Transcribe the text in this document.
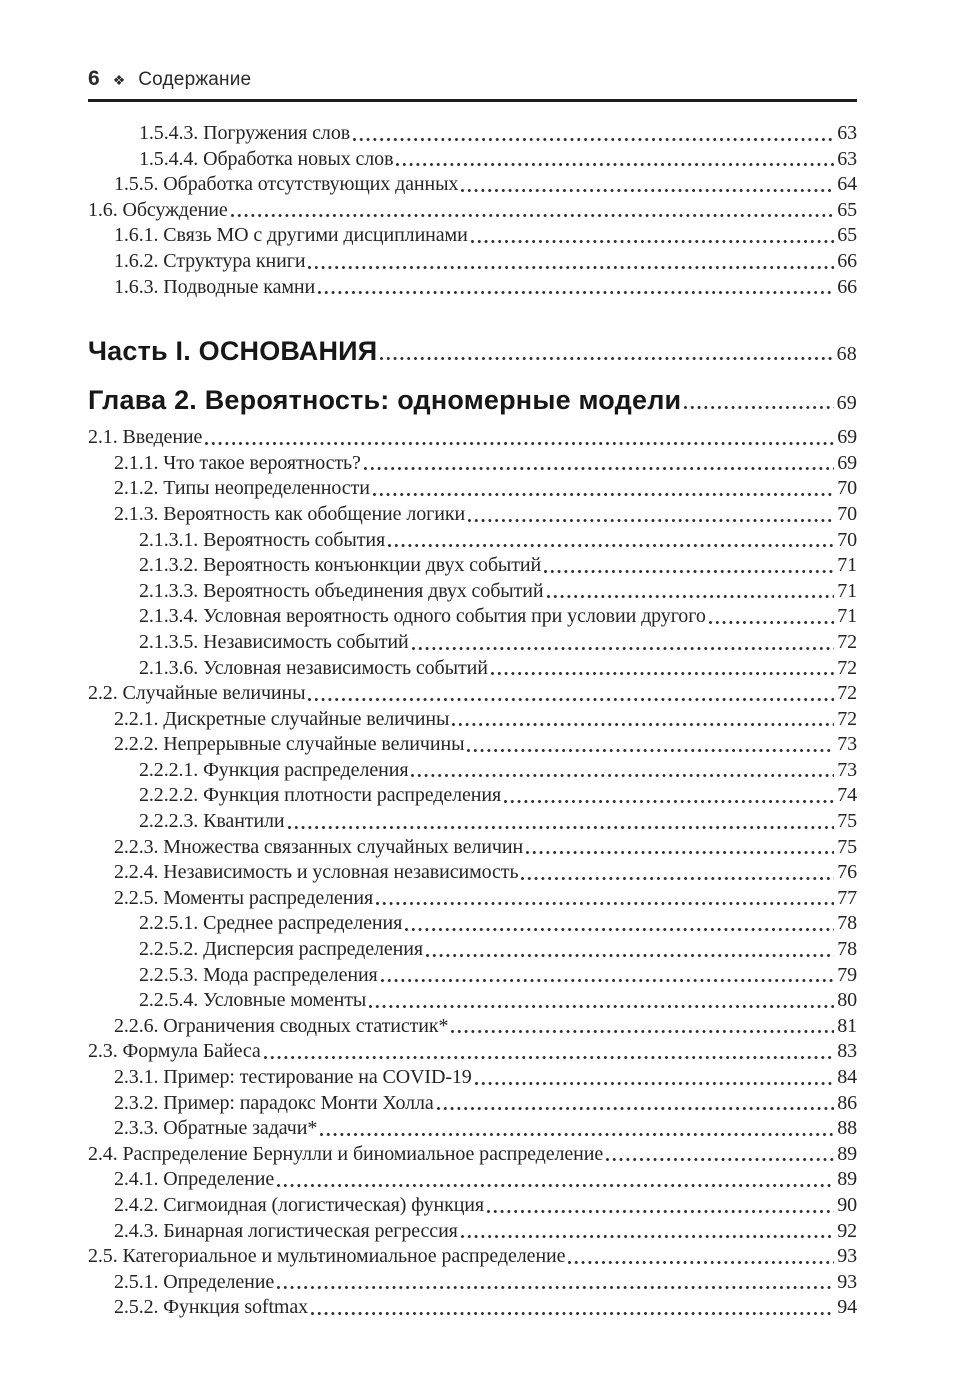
6 ❖ Содержание
1.5.4.3. Погружения слов	63
1.5.4.4. Обработка новых слов	63
1.5.5. Обработка отсутствующих данных	64
1.6. Обсуждение	65
1.6.1. Связь МО с другими дисциплинами	65
1.6.2. Структура книги	66
1.6.3. Подводные камни	66
Часть I. ОСНОВАНИЯ	68
Глава 2. Вероятность: одномерные модели	69
2.1. Введение	69
2.1.1. Что такое вероятность?	69
2.1.2. Типы неопределенности	70
2.1.3. Вероятность как обобщение логики	70
2.1.3.1. Вероятность события	70
2.1.3.2. Вероятность конъюнкции двух событий	71
2.1.3.3. Вероятность объединения двух событий	71
2.1.3.4. Условная вероятность одного события при условии другого	71
2.1.3.5. Независимость событий	72
2.1.3.6. Условная независимость событий	72
2.2. Случайные величины	72
2.2.1. Дискретные случайные величины	72
2.2.2. Непрерывные случайные величины	73
2.2.2.1. Функция распределения	73
2.2.2.2. Функция плотности распределения	74
2.2.2.3. Квантили	75
2.2.3. Множества связанных случайных величин	75
2.2.4. Независимость и условная независимость	76
2.2.5. Моменты распределения	77
2.2.5.1. Среднее распределения	78
2.2.5.2. Дисперсия распределения	78
2.2.5.3. Мода распределения	79
2.2.5.4. Условные моменты	80
2.2.6. Ограничения сводных статистик*	81
2.3. Формула Байеса	83
2.3.1. Пример: тестирование на COVID-19	84
2.3.2. Пример: парадокс Монти Холла	86
2.3.3. Обратные задачи*	88
2.4. Распределение Бернулли и биномиальное распределение	89
2.4.1. Определение	89
2.4.2. Сигмоидная (логистическая) функция	90
2.4.3. Бинарная логистическая регрессия	92
2.5. Категориальное и мультиномиальное распределение	93
2.5.1. Определение	93
2.5.2. Функция softmax	94
